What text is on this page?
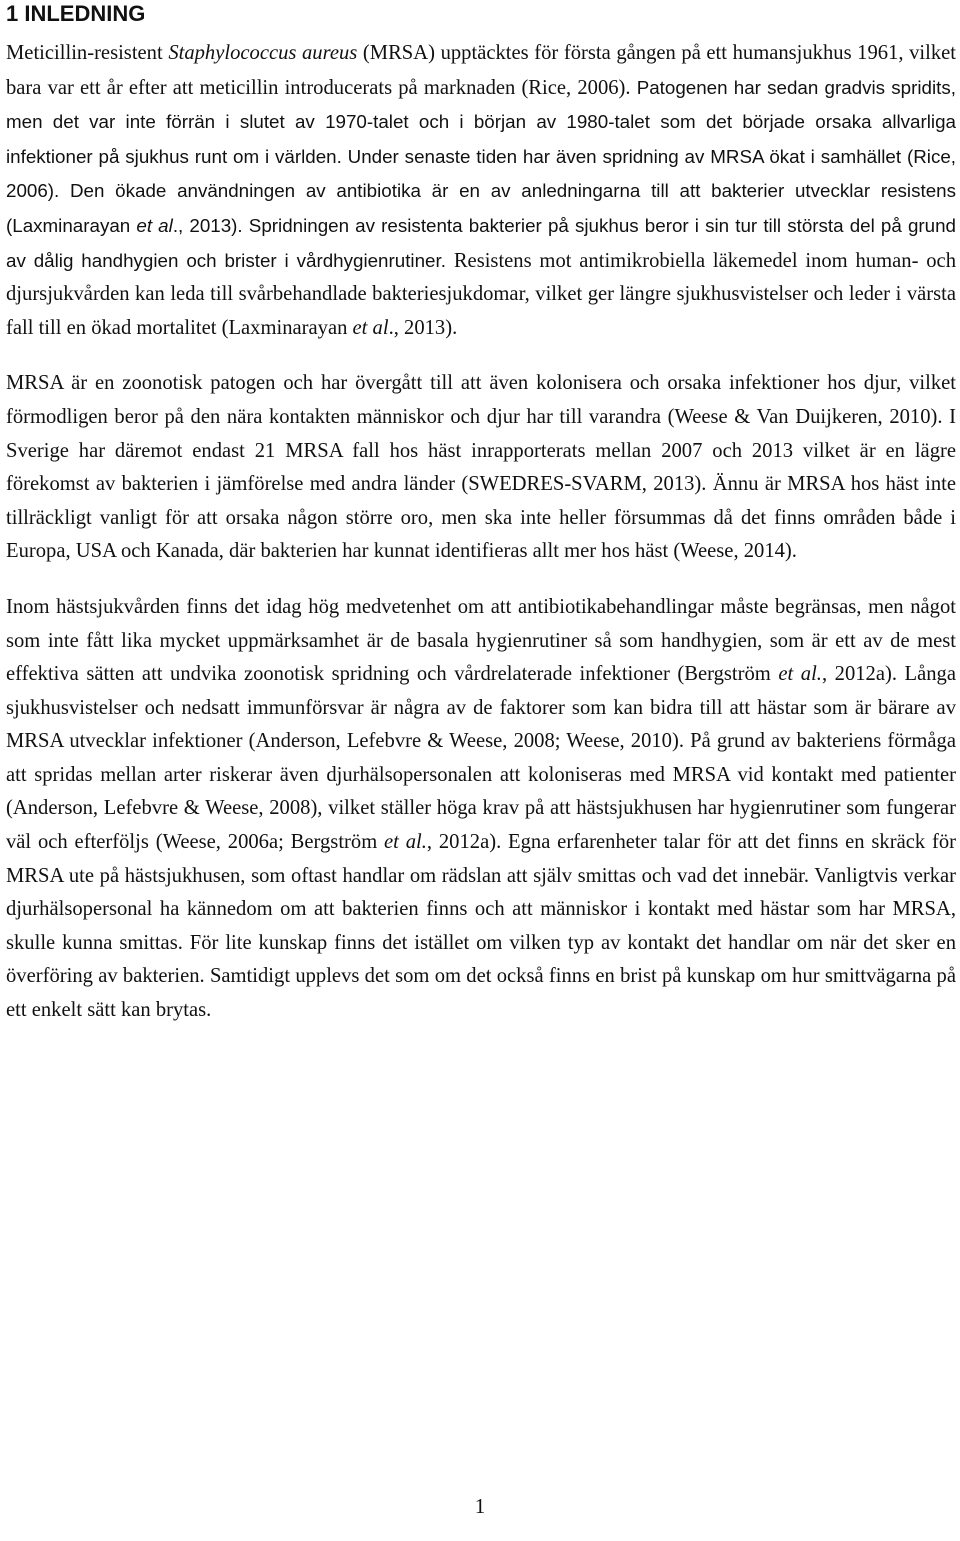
1 INLEDNING

Meticillin-resistent Staphylococcus aureus (MRSA) upptäcktes för första gången på ett humansjukhus 1961, vilket bara var ett år efter att meticillin introducerats på marknaden (Rice, 2006). Patogenen har sedan gradvis spridits, men det var inte förrän i slutet av 1970-talet och i början av 1980-talet som det började orsaka allvarliga infektioner på sjukhus runt om i världen. Under senaste tiden har även spridning av MRSA ökat i samhället (Rice, 2006). Den ökade användningen av antibiotika är en av anledningarna till att bakterier utvecklar resistens (Laxminarayan et al., 2013). Spridningen av resistenta bakterier på sjukhus beror i sin tur till största del på grund av dålig handhygien och brister i vårdhygienrutiner. Resistens mot antimikrobiella läkemedel inom human- och djursjukvården kan leda till svårbehandlade bakteriesjukdomar, vilket ger längre sjukhusvistelser och leder i värsta fall till en ökad mortalitet (Laxminarayan et al., 2013).

MRSA är en zoonotisk patogen och har övergått till att även kolonisera och orsaka infektioner hos djur, vilket förmodligen beror på den nära kontakten människor och djur har till varandra (Weese & Van Duijkeren, 2010). I Sverige har däremot endast 21 MRSA fall hos häst inrapporterats mellan 2007 och 2013 vilket är en lägre förekomst av bakterien i jämförelse med andra länder (SWEDRES-SVARM, 2013). Ännu är MRSA hos häst inte tillräckligt vanligt för att orsaka någon större oro, men ska inte heller försummas då det finns områden både i Europa, USA och Kanada, där bakterien har kunnat identifieras allt mer hos häst (Weese, 2014).

Inom hästsjukvården finns det idag hög medvetenhet om att antibiotikabehandlingar måste begränsas, men något som inte fått lika mycket uppmärksamhet är de basala hygienrutiner så som handhygien, som är ett av de mest effektiva sätten att undvika zoonotisk spridning och vårdrelaterade infektioner (Bergström et al., 2012a). Långa sjukhusvistelser och nedsatt immunförsvar är några av de faktorer som kan bidra till att hästar som är bärare av MRSA utvecklar infektioner (Anderson, Lefebvre & Weese, 2008; Weese, 2010). På grund av bakteriens förmåga att spridas mellan arter riskerar även djurhälsopersonalen att koloniseras med MRSA vid kontakt med patienter (Anderson, Lefebvre & Weese, 2008), vilket ställer höga krav på att hästsjukhusen har hygienrutiner som fungerar väl och efterföljs (Weese, 2006a; Bergström et al., 2012a). Egna erfarenheter talar för att det finns en skräck för MRSA ute på hästsjukhusen, som oftast handlar om rädslan att själv smittas och vad det innebär. Vanligtvis verkar djurhälsopersonal ha kännedom om att bakterien finns och att människor i kontakt med hästar som har MRSA, skulle kunna smittas. För lite kunskap finns det istället om vilken typ av kontakt det handlar om när det sker en överföring av bakterien. Samtidigt upplevs det som om det också finns en brist på kunskap om hur smittvägarna på ett enkelt sätt kan brytas.

1
